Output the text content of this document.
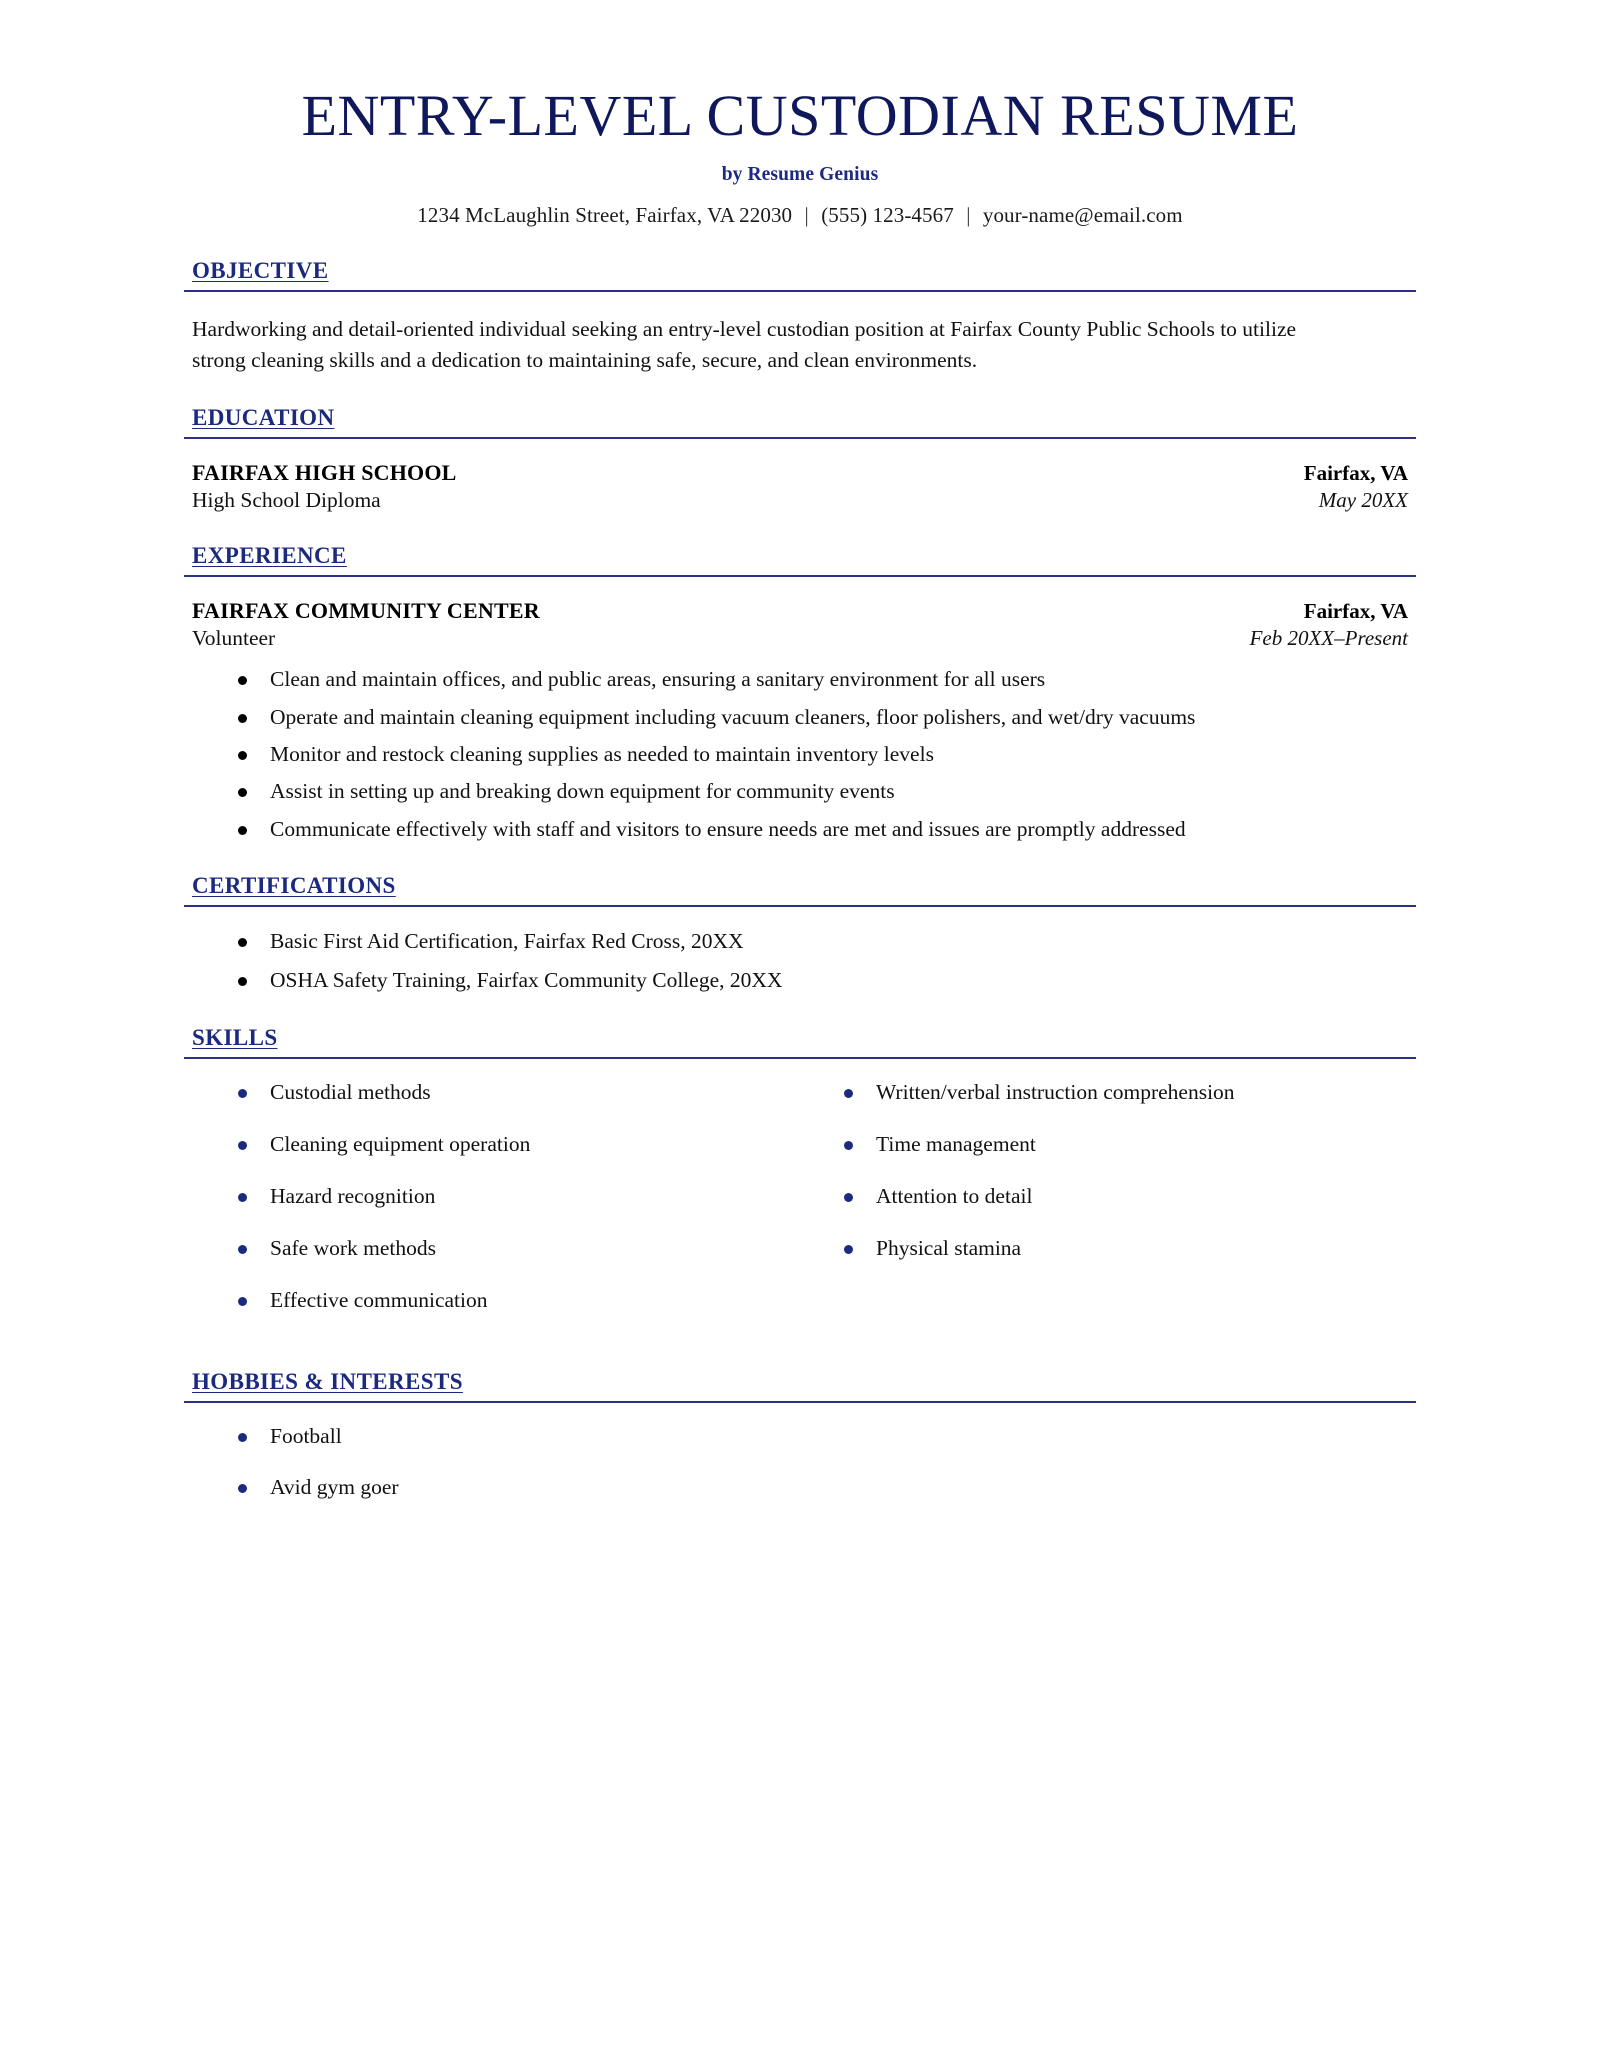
ENTRY-LEVEL CUSTODIAN RESUME
by Resume Genius
1234 McLaughlin Street, Fairfax, VA 22030 | (555) 123-4567 | your-name@email.com
OBJECTIVE

Hardworking and detail-oriented individual seeking an entry-level custodian position at Fairfax County Public Schools to utilize strong cleaning skills and a dedication to maintaining safe, secure, and clean environments.

EDUCATION
FAIRFAX HIGH SCHOOL	Fairfax, VA
High School Diploma	May 20XX
EXPERIENCE
FAIRFAX COMMUNITY CENTER	Fairfax, VA
Volunteer	Feb 20XX–Present
Clean and maintain offices, and public areas, ensuring a sanitary environment for all users
Operate and maintain cleaning equipment including vacuum cleaners, floor polishers, and wet/dry vacuums
Monitor and restock cleaning supplies as needed to maintain inventory levels
Assist in setting up and breaking down equipment for community events
Communicate effectively with staff and visitors to ensure needs are met and issues are promptly addressed
CERTIFICATIONS
Basic First Aid Certification, Fairfax Red Cross, 20XX
OSHA Safety Training, Fairfax Community College, 20XX
SKILLS
Custodial methods
Cleaning equipment operation
Hazard recognition
Safe work methods
Effective communication
Written/verbal instruction comprehension
Time management
Attention to detail
Physical stamina
HOBBIES & INTERESTS
Football
Avid gym goer
